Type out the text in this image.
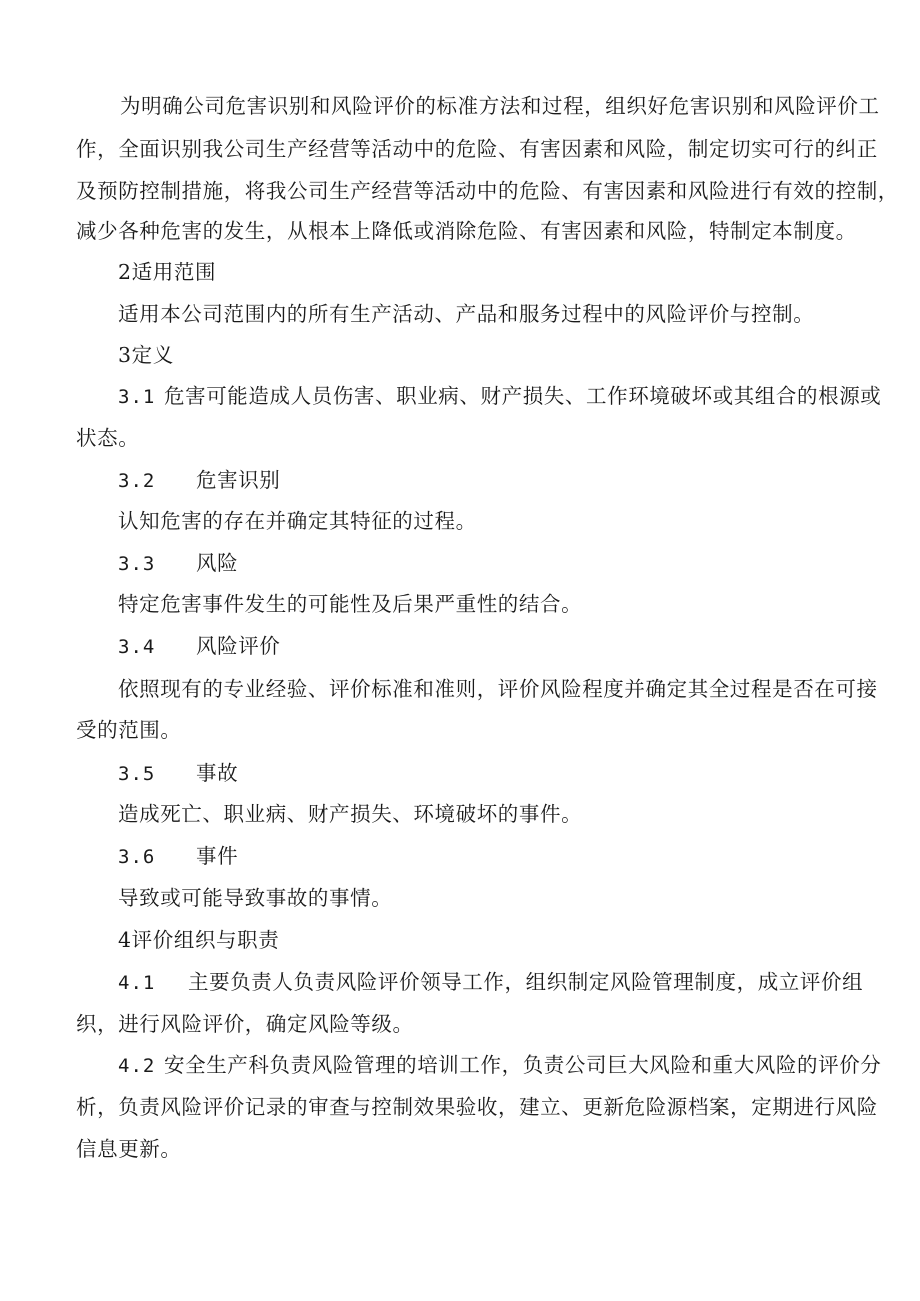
为明确公司危害识别和风险评价的标准方法和过程，组织好危害识别和风险评价工
作，全面识别我公司生产经营等活动中的危险、有害因素和风险，制定切实可行的纠正
及预防控制措施，将我公司生产经营等活动中的危险、有害因素和风险进行有效的控制，
减少各种危害的发生，从根本上降低或消除危险、有害因素和风险，特制定本制度。
2适用范围
适用本公司范围内的所有生产活动、产品和服务过程中的风险评价与控制。
3定义
3.1 危害可能造成人员伤害、职业病、财产损失、工作环境破坏或其组合的根源或
状态。
3.2 危害识别
认知危害的存在并确定其特征的过程。
3.3 风险
特定危害事件发生的可能性及后果严重性的结合。
3.4 风险评价
依照现有的专业经验、评价标准和准则，评价风险程度并确定其全过程是否在可接
受的范围。
3.5 事故
造成死亡、职业病、财产损失、环境破坏的事件。
3.6 事件
导致或可能导致事故的事情。
4评价组织与职责
4.1 主要负责人负责风险评价领导工作，组织制定风险管理制度，成立评价组
织，进行风险评价，确定风险等级。
4.2 安全生产科负责风险管理的培训工作，负责公司巨大风险和重大风险的评价分
析，负责风险评价记录的审查与控制效果验收，建立、更新危险源档案，定期进行风险
信息更新。
